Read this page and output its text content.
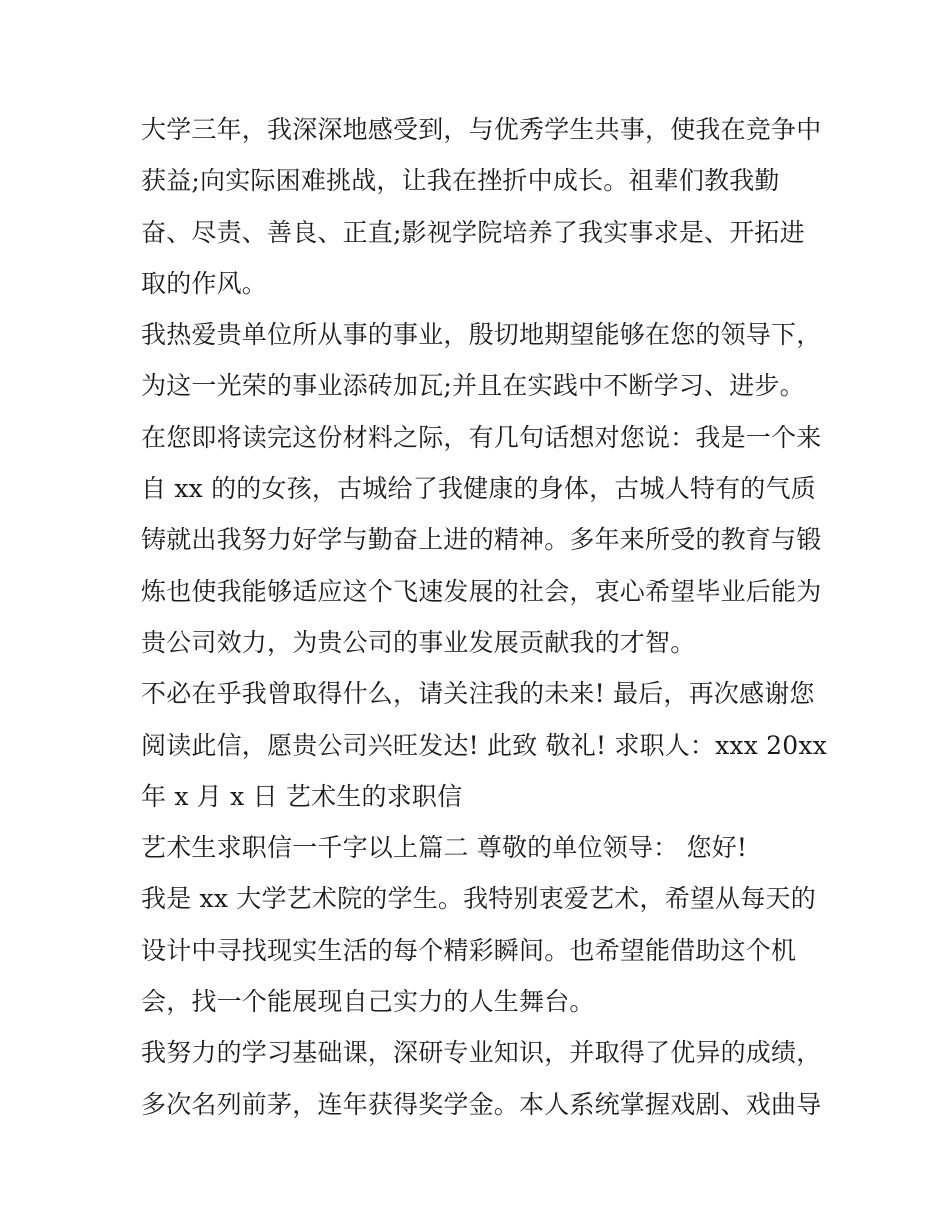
大学三年，我深深地感受到，与优秀学生共事，使我在竞争中
获益;向实际困难挑战，让我在挫折中成长。祖辈们教我勤
奋、尽责、善良、正直;影视学院培养了我实事求是、开拓进
取的作风。
我热爱贵单位所从事的事业，殷切地期望能够在您的领导下，
为这一光荣的事业添砖加瓦;并且在实践中不断学习、进步。
在您即将读完这份材料之际，有几句话想对您说：我是一个来
自 xx 的的女孩，古城给了我健康的身体，古城人特有的气质
铸就出我努力好学与勤奋上进的精神。多年来所受的教育与锻
炼也使我能够适应这个飞速发展的社会，衷心希望毕业后能为
贵公司效力，为贵公司的事业发展贡献我的才智。
不必在乎我曾取得什么，请关注我的未来! 最后，再次感谢您
阅读此信，愿贵公司兴旺发达! 此致 敬礼! 求职人：xxx 20xx
年 x 月 x 日 艺术生的求职信
艺术生求职信一千字以上篇二 尊敬的单位领导： 您好!
我是 xx 大学艺术院的学生。我特别衷爱艺术，希望从每天的
设计中寻找现实生活的每个精彩瞬间。也希望能借助这个机
会，找一个能展现自己实力的人生舞台。
我努力的学习基础课，深研专业知识，并取得了优异的成绩，
多次名列前茅，连年获得奖学金。本人系统掌握戏剧、戏曲导
